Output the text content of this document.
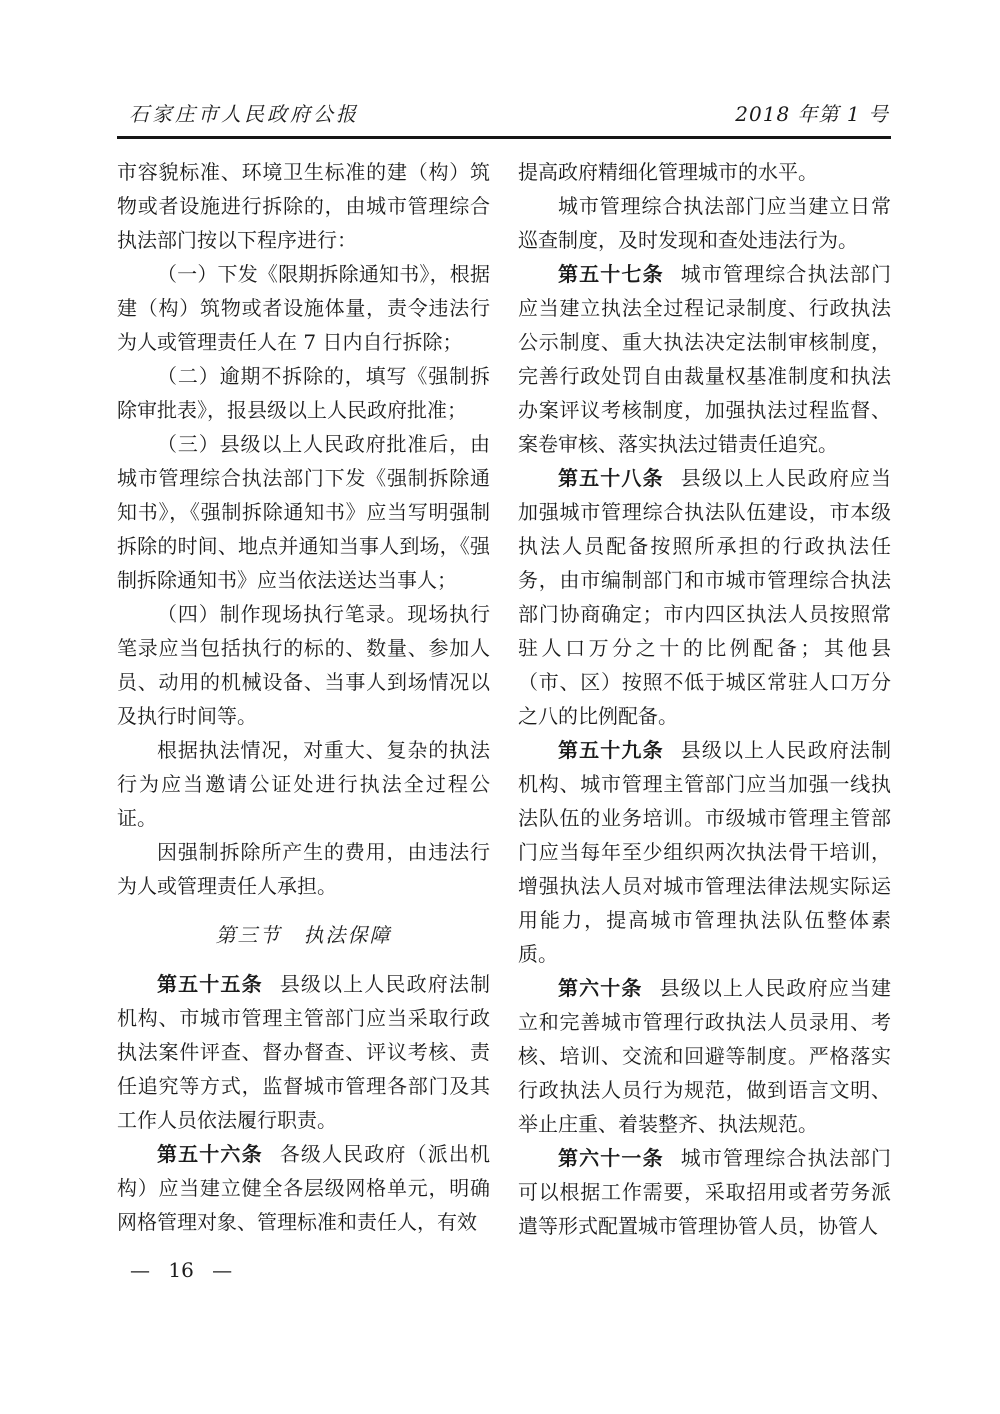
石家庄市人民政府公报	2018 年第 1 号
市容貌标准、环境卫生标准的建（构）筑物或者设施进行拆除的，由城市管理综合执法部门按以下程序进行：
（一）下发《限期拆除通知书》，根据建（构）筑物或者设施体量，责令违法行为人或管理责任人在 7 日内自行拆除；
（二）逾期不拆除的，填写《强制拆除审批表》，报县级以上人民政府批准；
（三）县级以上人民政府批准后，由城市管理综合执法部门下发《强制拆除通知书》，《强制拆除通知书》应当写明强制拆除的时间、地点并通知当事人到场，《强制拆除通知书》应当依法送达当事人；
（四）制作现场执行笔录。现场执行笔录应当包括执行的标的、数量、参加人员、动用的机械设备、当事人到场情况以及执行时间等。
根据执法情况，对重大、复杂的执法行为应当邀请公证处进行执法全过程公证。
因强制拆除所产生的费用，由违法行为人或管理责任人承担。
第三节　执法保障
第五十五条 县级以上人民政府法制机构、市城市管理主管部门应当采取行政执法案件评查、督办督查、评议考核、责任追究等方式，监督城市管理各部门及其工作人员依法履行职责。
第五十六条 各级人民政府（派出机构）应当建立健全各层级网格单元，明确网格管理对象、管理标准和责任人，有效
提高政府精细化管理城市的水平。
城市管理综合执法部门应当建立日常巡查制度，及时发现和查处违法行为。
第五十七条 城市管理综合执法部门应当建立执法全过程记录制度、行政执法公示制度、重大执法决定法制审核制度，完善行政处罚自由裁量权基准制度和执法办案评议考核制度，加强执法过程监督、案卷审核、落实执法过错责任追究。
第五十八条 县级以上人民政府应当加强城市管理综合执法队伍建设，市本级执法人员配备按照所承担的行政执法任务，由市编制部门和市城市管理综合执法部门协商确定；市内四区执法人员按照常驻人口万分之十的比例配备；其他县（市、区）按照不低于城区常驻人口万分之八的比例配备。
第五十九条 县级以上人民政府法制机构、城市管理主管部门应当加强一线执法队伍的业务培训。市级城市管理主管部门应当每年至少组织两次执法骨干培训，增强执法人员对城市管理法律法规实际运用能力，提高城市管理执法队伍整体素质。
第六十条 县级以上人民政府应当建立和完善城市管理行政执法人员录用、考核、培训、交流和回避等制度。严格落实行政执法人员行为规范，做到语言文明、举止庄重、着装整齐、执法规范。
第六十一条 城市管理综合执法部门可以根据工作需要，采取招用或者劳务派遣等形式配置城市管理协管人员，协管人
— 16 —
